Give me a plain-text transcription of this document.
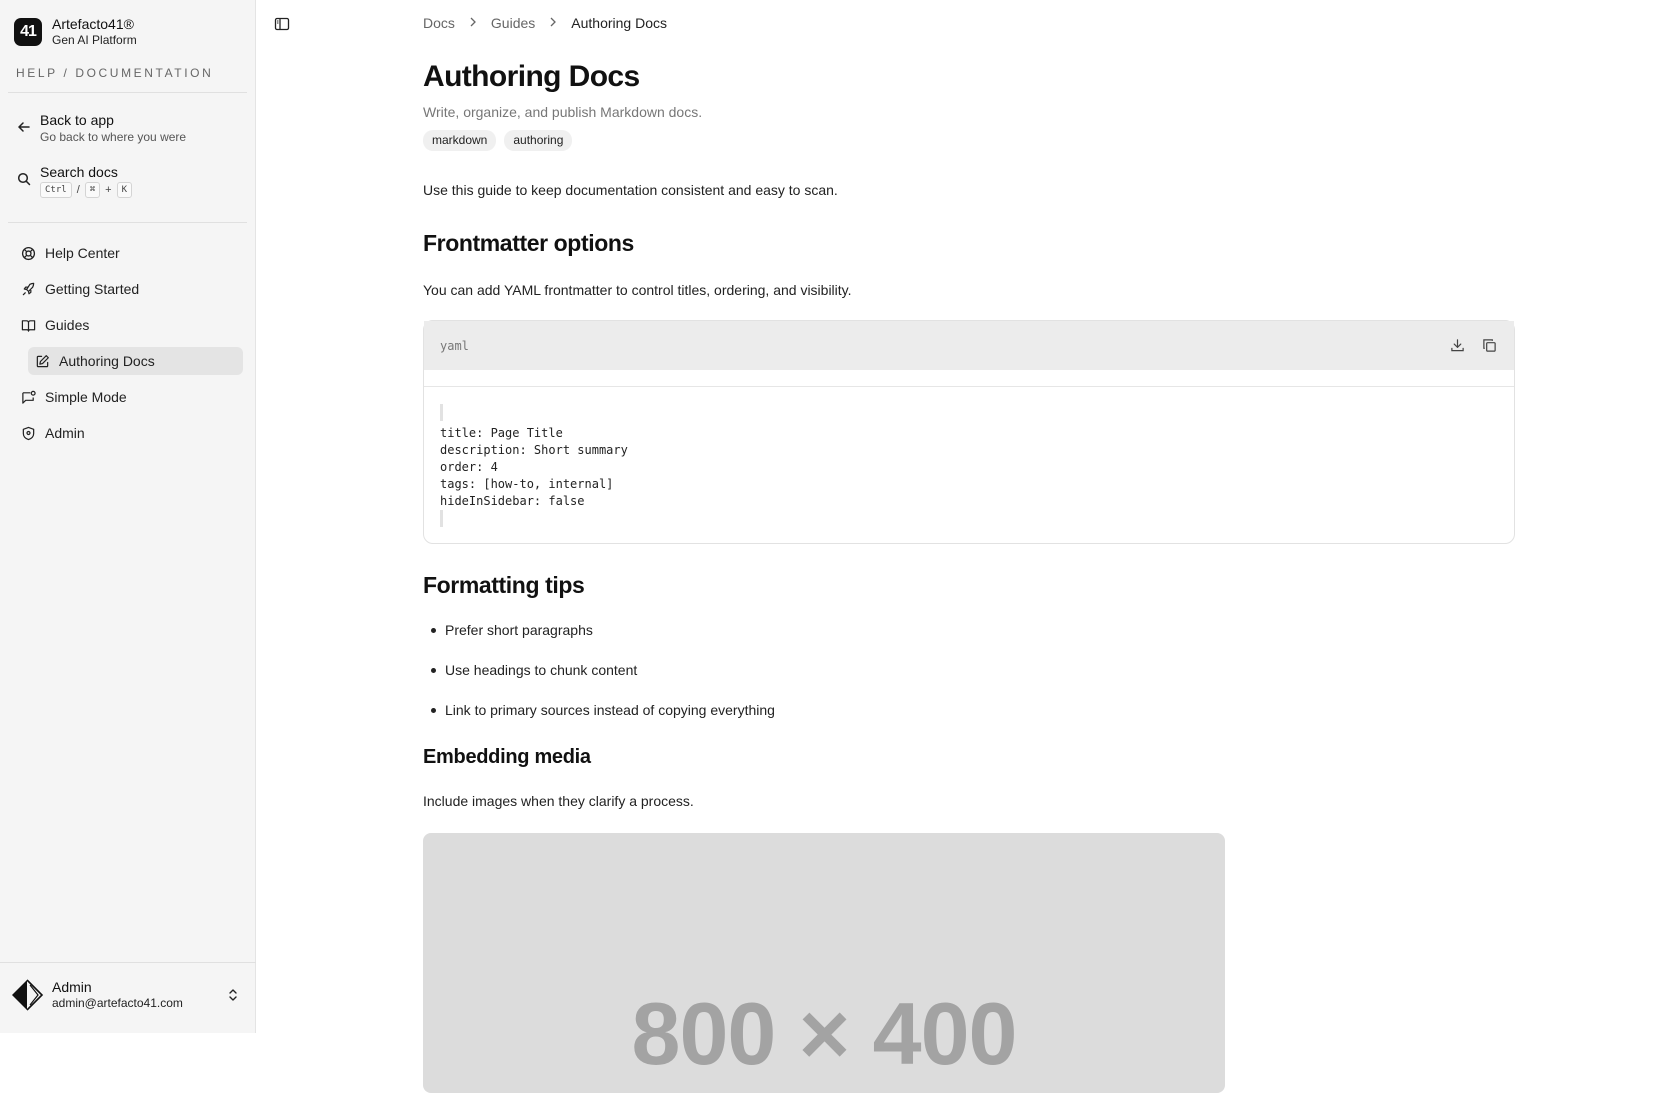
41	Artefacto41®
Gen AI Platform
HELP / DOCUMENTATION
Back to app
Go back to where you were
Search docs
Ctrl /	⌘ +	K
Help Center
Getting Started
Guides
Authoring Docs
Simple Mode
Admin
Admin
admin@artefacto41.com
Docs	Guides	Authoring Docs
Authoring Docs
Write, organize, and publish Markdown docs.
markdown	authoring

Use this guide to keep documentation consistent and easy to scan.

Frontmatter options

You can add YAML frontmatter to control titles, ordering, and visibility.

yaml
title: Page Title
description: Short summary
order: 4
tags: [how-to, internal]
hideInSidebar: false
Formatting tips
Prefer short paragraphs
Use headings to chunk content
Link to primary sources instead of copying everything
Embedding media

Include images when they clarify a process.

800 × 400
